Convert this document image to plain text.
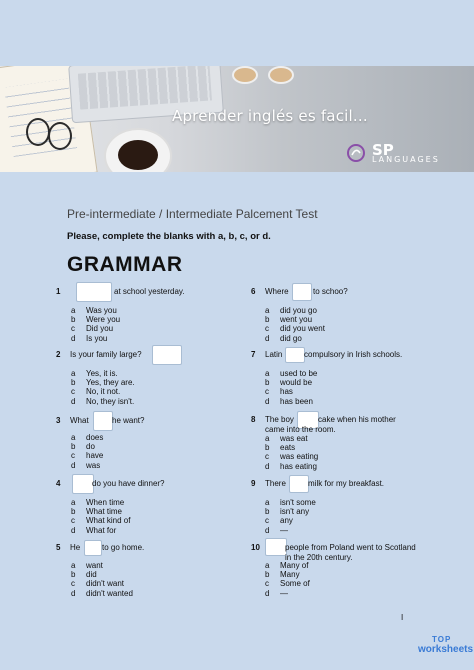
Aprender inglés es facil...
SP
LANGUAGES
Pre-intermediate / Intermediate Palcement Test
Please, complete the blanks with a, b, c, or d.
GRAMMAR
1	at school yesterday.
a Was you
b Were you
c Did you
d Is you
2 Is your family large?
a Yes, it is.
b Yes, they are.
c No, it not.
d No, they isn't.
3 What	he want?
a does
b do
c have
d was
4	do you have dinner?
a When time
b What time
c What kind of
d What for
5 He	to go home.
a want
b did
c didn't want
d didn't wanted
6 Where	to schoo?
a did you go
b went you
c did you went
d did go
7 Latin	compulsory in Irish schools.
a used to be
b would be
c has
d has been
8 The boy	cake when his mother
came into the room.
a was eat
b eats
c was eating
d has eating
9 There	milk for my breakfast.
a isn't some
b isn't any
c any
d —
10	people from Poland went to Scotland
in the 20th century.
a Many of
b Many
c Some of
d —
I
TOP
worksheets
